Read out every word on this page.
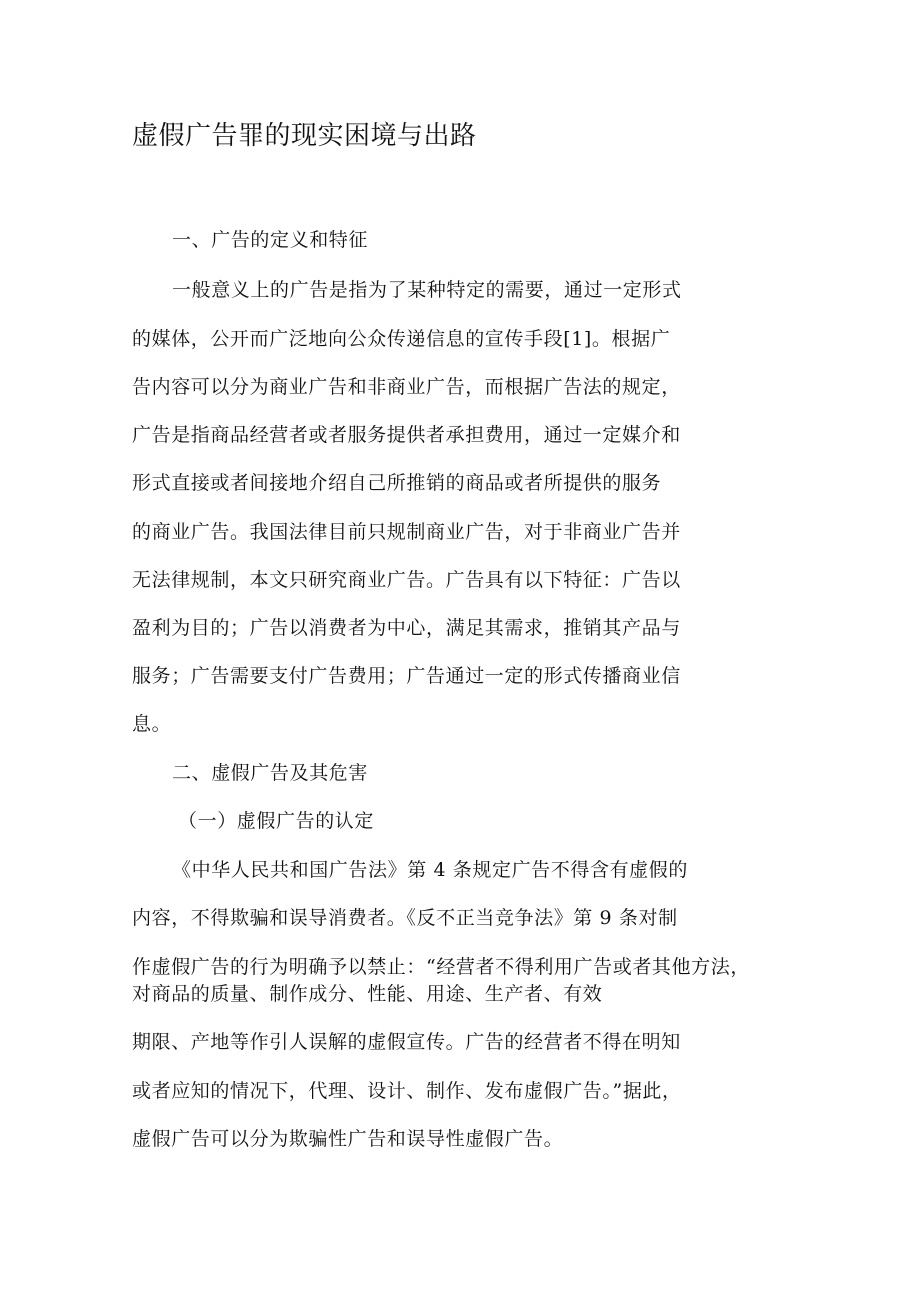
虚假广告罪的现实困境与出路
一、广告的定义和特征
一般意义上的广告是指为了某种特定的需要，通过一定形式
的媒体，公开而广泛地向公众传递信息的宣传手段[1]。根据广
告内容可以分为商业广告和非商业广告，而根据广告法的规定，
广告是指商品经营者或者服务提供者承担费用，通过一定媒介和
形式直接或者间接地介绍自己所推销的商品或者所提供的服务
的商业广告。我国法律目前只规制商业广告，对于非商业广告并
无法律规制，本文只研究商业广告。广告具有以下特征：广告以
盈利为目的；广告以消费者为中心，满足其需求，推销其产品与
服务；广告需要支付广告费用；广告通过一定的形式传播商业信
息。
二、虚假广告及其危害
（一）虚假广告的认定
《中华人民共和国广告法》第 4 条规定广告不得含有虚假的
内容，不得欺骗和误导消费者。《反不正当竞争法》第 9 条对制
作虚假广告的行为明确予以禁止：“经营者不得利用广告或者其他方法，
对商品的质量、制作成分、性能、用途、生产者、有效
期限、产地等作引人误解的虚假宣传。广告的经营者不得在明知
或者应知的情况下，代理、设计、制作、发布虚假广告。”据此，
虚假广告可以分为欺骗性广告和误导性虚假广告。
